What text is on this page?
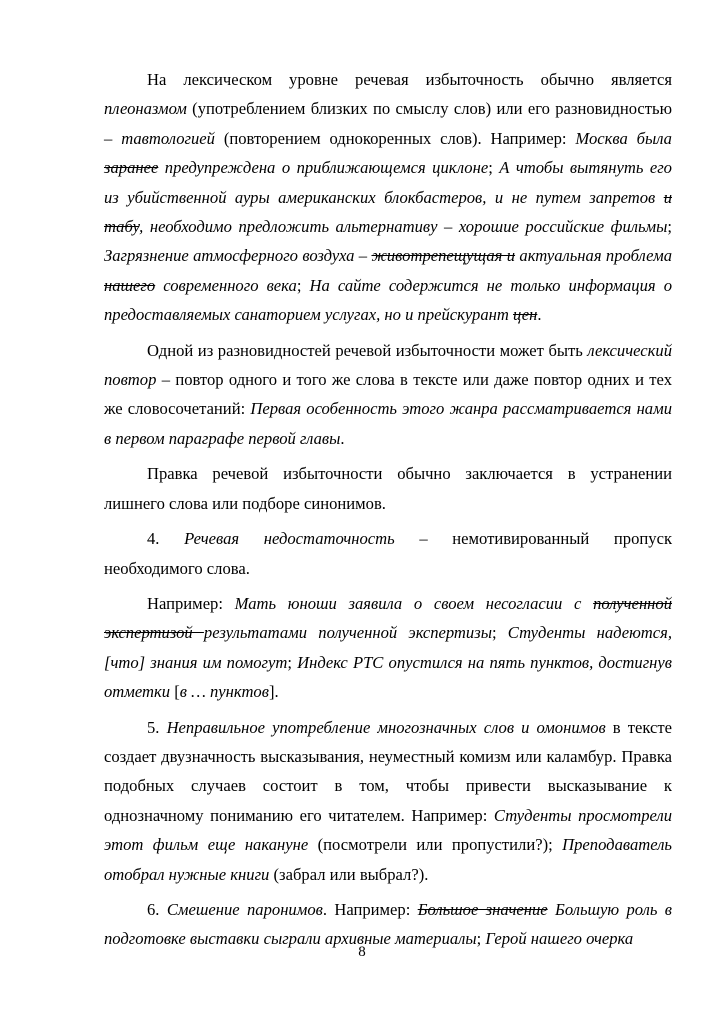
На лексическом уровне речевая избыточность обычно является плеоназмом (употреблением близких по смыслу слов) или его разновидностью – тавтологией (повторением однокоренных слов). Например: Москва была заранее предупреждена о приближающемся циклоне; А чтобы вытянуть его из убийственной ауры американских блокбастеров, и не путем запретов и табу, необходимо предложить альтернативу – хорошие российские фильмы; Загрязнение атмосферного воздуха – животрепещущая и актуальная проблема нашего современного века; На сайте содержится не только информация о предоставляемых санаторием услугах, но и прейскурант цен.

Одной из разновидностей речевой избыточности может быть лексический повтор – повтор одного и того же слова в тексте или даже повтор одних и тех же словосочетаний: Первая особенность этого жанра рассматривается нами в первом параграфе первой главы.

Правка речевой избыточности обычно заключается в устранении лишнего слова или подборе синонимов.

4. Речевая недостаточность – немотивированный пропуск необходимого слова.

Например: Мать юноши заявила о своем несогласии с полученной экспертизой результатами полученной экспертизы; Студенты надеются, [что] знания им помогут; Индекс РТС опустился на пять пунктов, достигнув отметки [в … пунктов].

5. Неправильное употребление многозначных слов и омонимов в тексте создает двузначность высказывания, неуместный комизм или каламбур. Правка подобных случаев состоит в том, чтобы привести высказывание к однозначному пониманию его читателем. Например: Студенты просмотрели этот фильм еще накануне (посмотрели или пропустили?); Преподаватель отобрал нужные книги (забрал или выбрал?).

6. Смешение паронимов. Например: Большое значение Большую роль в подготовке выставки сыграли архивные материалы; Герой нашего очерка

8
